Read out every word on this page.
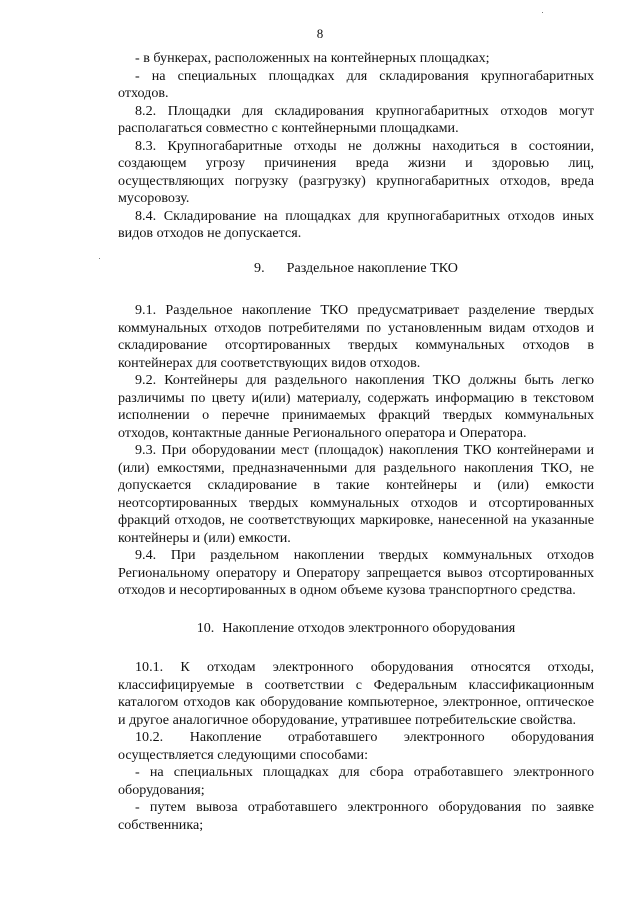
8

- в бункерах, расположенных на контейнерных площадках;

- на специальных площадках для складирования крупногабаритных отходов.

8.2. Площадки для складирования крупногабаритных отходов могут располагаться совместно с контейнерными площадками.

8.3. Крупногабаритные отходы не должны находиться в состоянии, создающем угрозу причинения вреда жизни и здоровью лиц, осуществляющих погрузку (разгрузку) крупногабаритных отходов, вреда мусоровозу.

8.4. Складирование на площадках для крупногабаритных отходов иных видов отходов не допускается.

9. Раздельное накопление ТКО

9.1. Раздельное накопление ТКО предусматривает разделение твердых коммунальных отходов потребителями по установленным видам отходов и складирование отсортированных твердых коммунальных отходов в контейнерах для соответствующих видов отходов.

9.2. Контейнеры для раздельного накопления ТКО должны быть легко различимы по цвету и(или) материалу, содержать информацию в текстовом исполнении о перечне принимаемых фракций твердых коммунальных отходов, контактные данные Регионального оператора и Оператора.

9.3. При оборудовании мест (площадок) накопления ТКО контейнерами и (или) емкостями, предназначенными для раздельного накопления ТКО, не допускается складирование в такие контейнеры и (или) емкости неотсортированных твердых коммунальных отходов и отсортированных фракций отходов, не соответствующих маркировке, нанесенной на указанные контейнеры и (или) емкости.

9.4. При раздельном накоплении твердых коммунальных отходов Региональному оператору и Оператору запрещается вывоз отсортированных отходов и несортированных в одном объеме кузова транспортного средства.

10. Накопление отходов электронного оборудования

10.1. К отходам электронного оборудования относятся отходы, классифицируемые в соответствии с Федеральным классификационным каталогом отходов как оборудование компьютерное, электронное, оптическое и другое аналогичное оборудование, утратившее потребительские свойства.

10.2. Накопление отработавшего электронного оборудования осуществляется следующими способами:

- на специальных площадках для сбора отработавшего электронного оборудования;

- путем вывоза отработавшего электронного оборудования по заявке собственника;
